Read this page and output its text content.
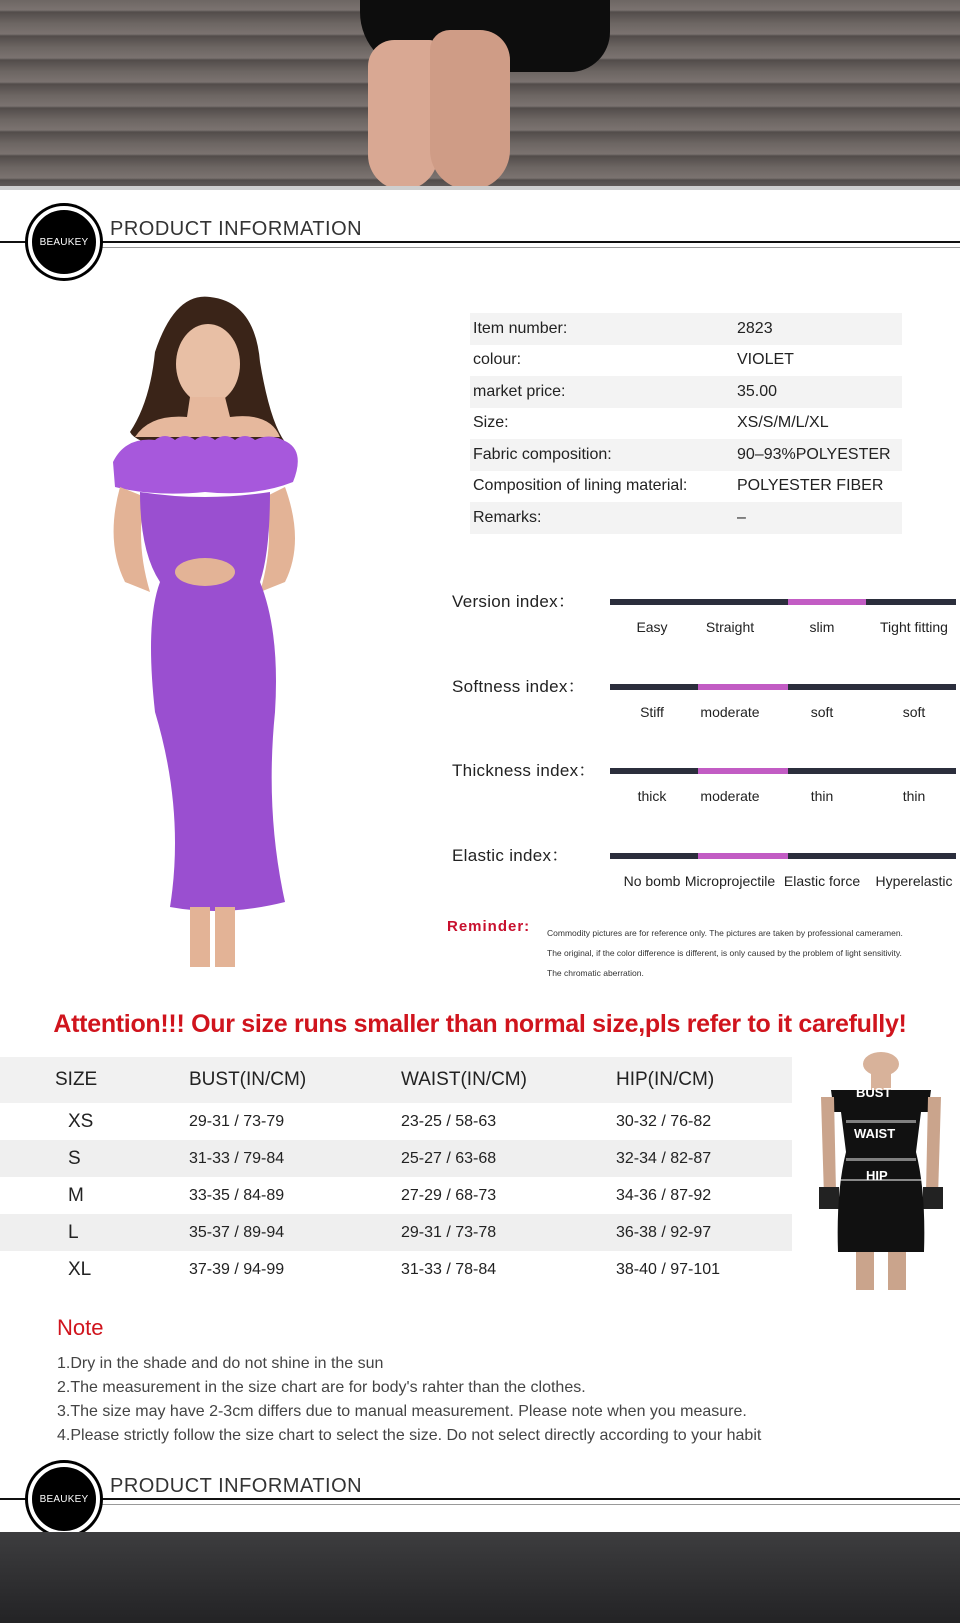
BEAUKEY
PRODUCT INFORMATION
Item number:	2823
colour:	VIOLET
market price:	35.00
Size:	XS/S/M/L/XL
Fabric composition:	90–93%POLYESTER
Composition of lining material:	POLYESTER FIBER
Remarks:	–
Version index：
Easy	Straight	slim	Tight fitting
Softness index：
Stiff	moderate	soft	soft
Thickness index：
thick moderate	thin	thin
Elastic index：
No bomb Microprojectile Elastic force Hyperelastic
Reminder: Commodity pictures are for reference only. The pictures are taken by professional cameramen.
The original, if the color difference is different, is only caused by the problem of light sensitivity.
The chromatic aberration.
Attention!!! Our size runs smaller than normal size,pls refer to it carefully!
SIZE	BUST(IN/CM)	WAIST(IN/CM)	HIP(IN/CM)
XS	29-31 / 73-79	23-25 / 58-63	30-32 / 76-82
S	31-33 / 79-84	25-27 / 63-68	32-34 / 82-87
M	33-35 / 84-89	27-29 / 68-73	34-36 / 87-92
L	35-37 / 89-94	29-31 / 73-78	36-38 / 92-97
XL	37-39 / 94-99	31-33 / 78-84	38-40 / 97-101
BUST
WAIST
HIP
Note
1.Dry in the shade and do not shine in the sun
2.The measurement in the size chart are for body's rahter than the clothes.
3.The size may have 2-3cm differs due to manual measurement. Please note when you measure.
4.Please strictly follow the size chart to select the size. Do not select directly according to your habit
BEAUKEY
PRODUCT INFORMATION
